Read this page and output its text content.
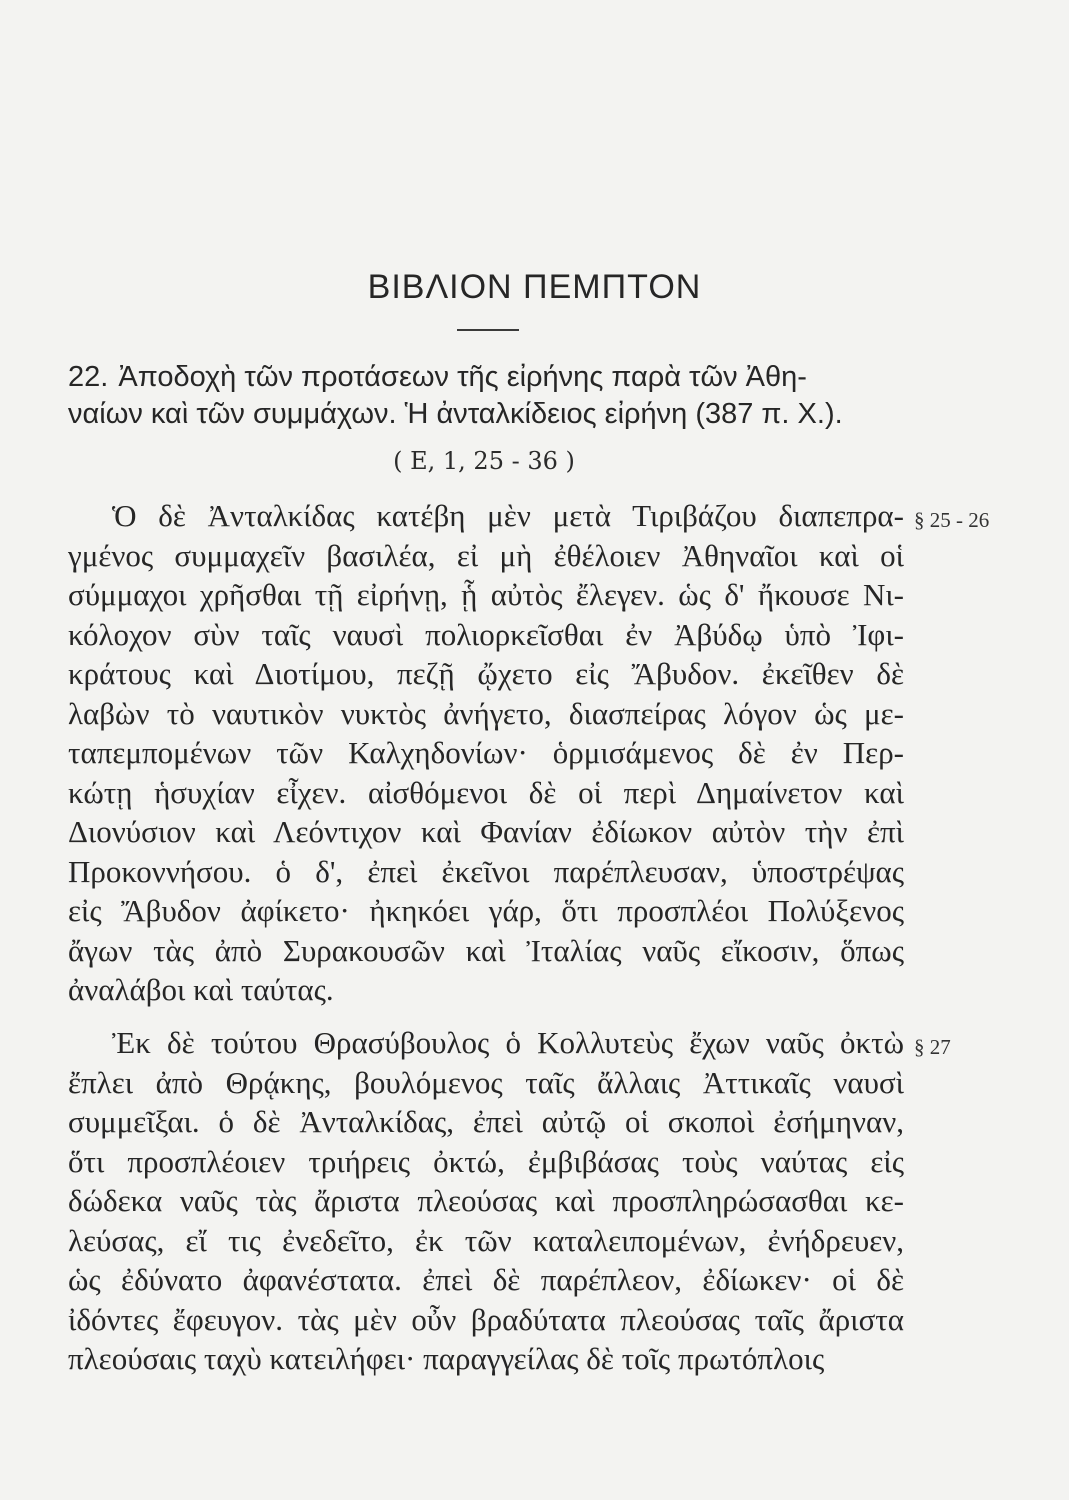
ΒΙΒΛΙΟΝ ΠΕΜΠΤΟΝ
22. Ἀποδοχὴ τῶν προτάσεων τῆς εἰρήνης παρὰ τῶν Ἀθη-
ναίων καὶ τῶν συμμάχων. Ἡ ἀνταλκίδειος εἰρήνη (387 π. Χ.).
( Ε, 1, 25 - 36 )
Ὁ δὲ Ἀνταλκίδας κατέβη μὲν μετὰ Τιριβάζου διαπεπρα-
γμένος συμμαχεῖν βασιλέα, εἰ μὴ ἐθέλοιεν Ἀθηναῖοι καὶ οἱ
σύμμαχοι χρῆσθαι τῇ εἰρήνῃ, ᾗ αὐτὸς ἔλεγεν. ὡς δ' ἤκουσε Νι-
κόλοχον σὺν ταῖς ναυσὶ πολιορκεῖσθαι ἐν Ἀβύδῳ ὑπὸ Ἰφι-
κράτους καὶ Διοτίμου, πεζῇ ᾤχετο εἰς Ἄβυδον. ἐκεῖθεν δὲ
λαβὼν τὸ ναυτικὸν νυκτὸς ἀνήγετο, διασπείρας λόγον ὡς με-
ταπεμπομένων τῶν Καλχηδονίων· ὁρμισάμενος δὲ ἐν Περ-
κώτῃ ἡσυχίαν εἶχεν. αἰσθόμενοι δὲ οἱ περὶ Δημαίνετον καὶ
Διονύσιον καὶ Λεόντιχον καὶ Φανίαν ἐδίωκον αὐτὸν τὴν ἐπὶ
Προκοννήσου. ὁ δ', ἐπεὶ ἐκεῖνοι παρέπλευσαν, ὑποστρέψας
εἰς Ἄβυδον ἀφίκετο· ἠκηκόει γάρ, ὅτι προσπλέοι Πολύξενος
ἄγων τὰς ἀπὸ Συρακουσῶν καὶ Ἰταλίας ναῦς εἴκοσιν, ὅπως
ἀναλάβοι καὶ ταύτας.
§ 25 - 26
Ἐκ δὲ τούτου Θρασύβουλος ὁ Κολλυτεὺς ἔχων ναῦς ὀκτὼ
ἔπλει ἀπὸ Θρᾴκης, βουλόμενος ταῖς ἄλλαις Ἀττικαῖς ναυσὶ
συμμεῖξαι. ὁ δὲ Ἀνταλκίδας, ἐπεὶ αὐτῷ οἱ σκοποὶ ἐσήμηναν,
ὅτι προσπλέοιεν τριήρεις ὀκτώ, ἐμβιβάσας τοὺς ναύτας εἰς
δώδεκα ναῦς τὰς ἄριστα πλεούσας καὶ προσπληρώσασθαι κε-
λεύσας, εἴ τις ἐνεδεῖτο, ἐκ τῶν καταλειπομένων, ἐνήδρευεν,
ὡς ἐδύνατο ἀφανέστατα. ἐπεὶ δὲ παρέπλεον, ἐδίωκεν· οἱ δὲ
ἰδόντες ἔφευγον. τὰς μὲν οὖν βραδύτατα πλεούσας ταῖς ἄριστα
πλεούσαις ταχὺ κατειλήφει· παραγγείλας δὲ τοῖς πρωτόπλοις
§ 27
